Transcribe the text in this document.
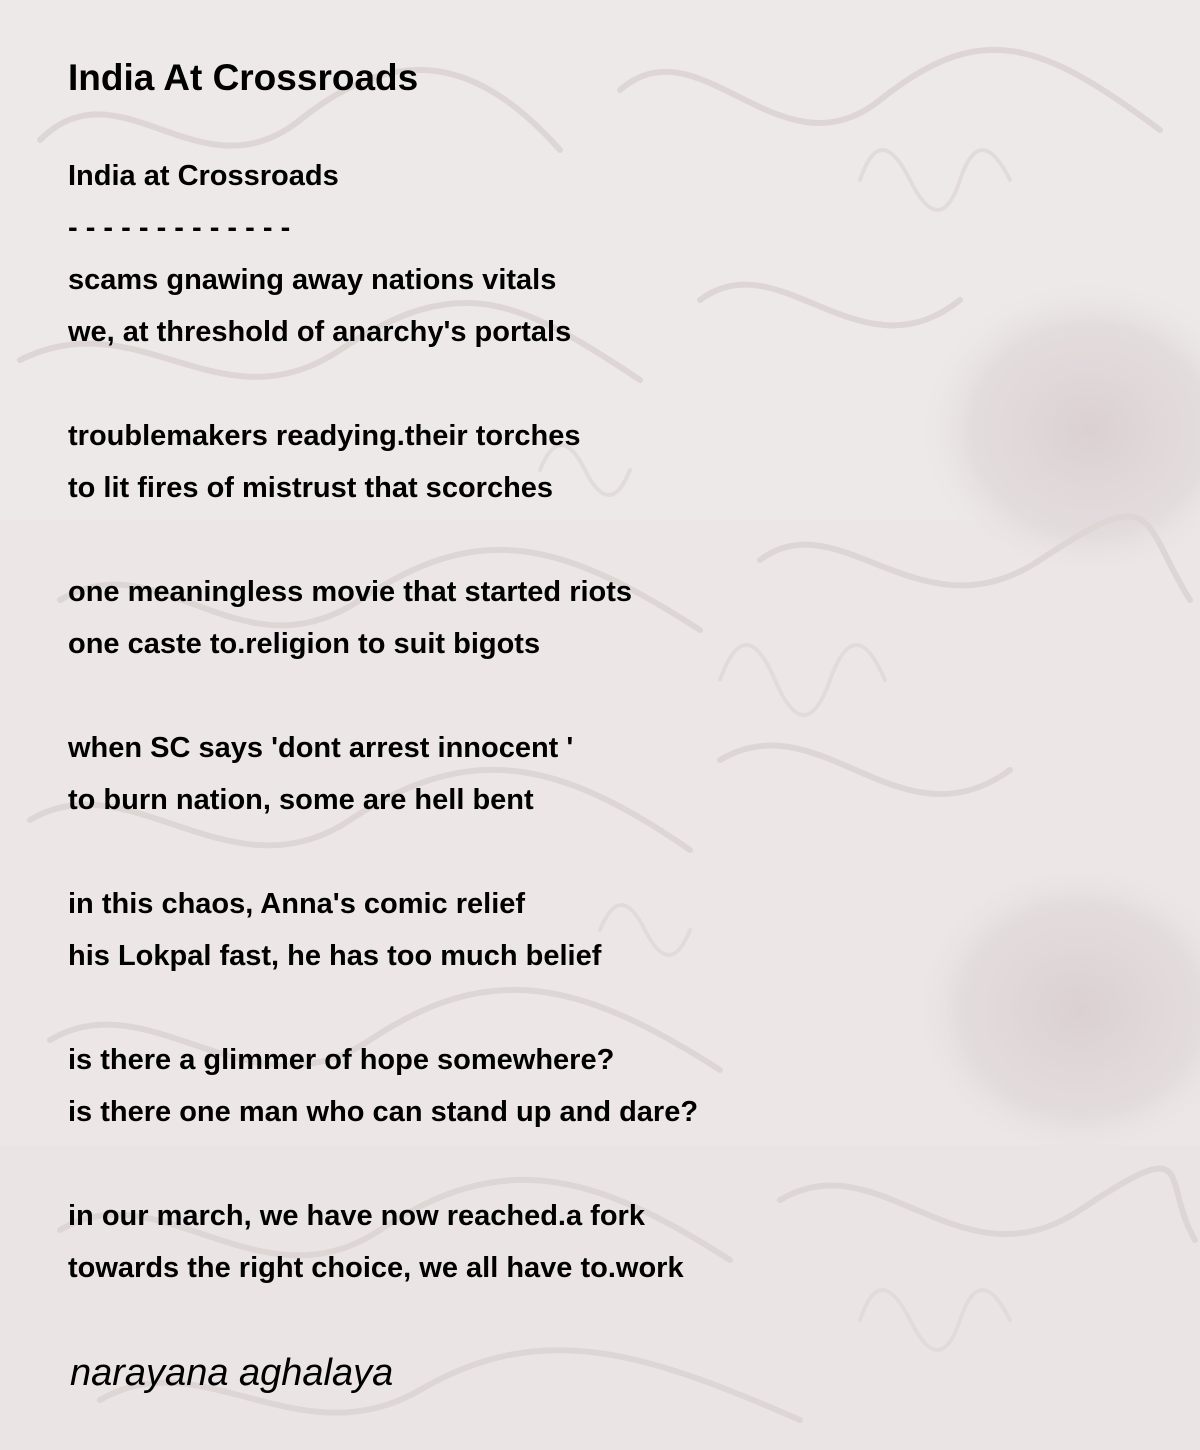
India At Crossroads
India at Crossroads
- - - - - - - - - - - - -
scams gnawing away nations vitals
we, at threshold of anarchy's portals
troublemakers readying.their torches
to lit fires of mistrust that scorches
one meaningless movie that started riots
one caste to.religion to suit bigots
when SC says 'dont arrest innocent '
to burn nation, some are hell bent
in this chaos, Anna's comic relief
his Lokpal fast, he has too much belief
is there a glimmer of hope somewhere?
is there one man who can stand up and dare?
in our march, we have now reached.a fork
towards the right choice, we all have to.work
narayana aghalaya
